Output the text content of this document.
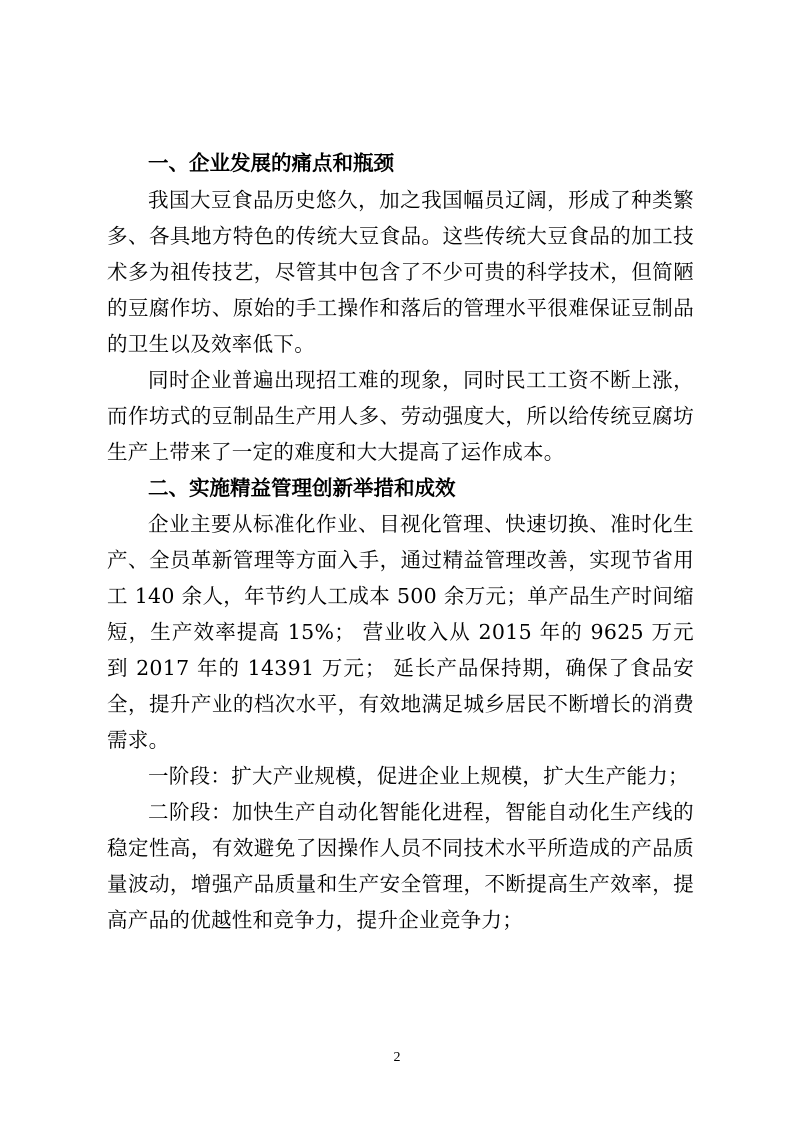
一、企业发展的痛点和瓶颈

我国大豆食品历史悠久，加之我国幅员辽阔，形成了种类繁多、各具地方特色的传统大豆食品。这些传统大豆食品的加工技术多为祖传技艺，尽管其中包含了不少可贵的科学技术，但简陋的豆腐作坊、原始的手工操作和落后的管理水平很难保证豆制品的卫生以及效率低下。

同时企业普遍出现招工难的现象，同时民工工资不断上涨，而作坊式的豆制品生产用人多、劳动强度大，所以给传统豆腐坊生产上带来了一定的难度和大大提高了运作成本。

二、实施精益管理创新举措和成效

企业主要从标准化作业、目视化管理、快速切换、准时化生产、全员革新管理等方面入手，通过精益管理改善，实现节省用工 140 余人，年节约人工成本 500 余万元；单产品生产时间缩短，生产效率提高 15%； 营业收入从 2015 年的 9625 万元到 2017 年的 14391 万元； 延长产品保持期，确保了食品安全，提升产业的档次水平，有效地满足城乡居民不断增长的消费需求。

一阶段：扩大产业规模，促进企业上规模，扩大生产能力；

二阶段：加快生产自动化智能化进程，智能自动化生产线的稳定性高，有效避免了因操作人员不同技术水平所造成的产品质量波动，增强产品质量和生产安全管理，不断提高生产效率，提高产品的优越性和竞争力，提升企业竞争力；

2
